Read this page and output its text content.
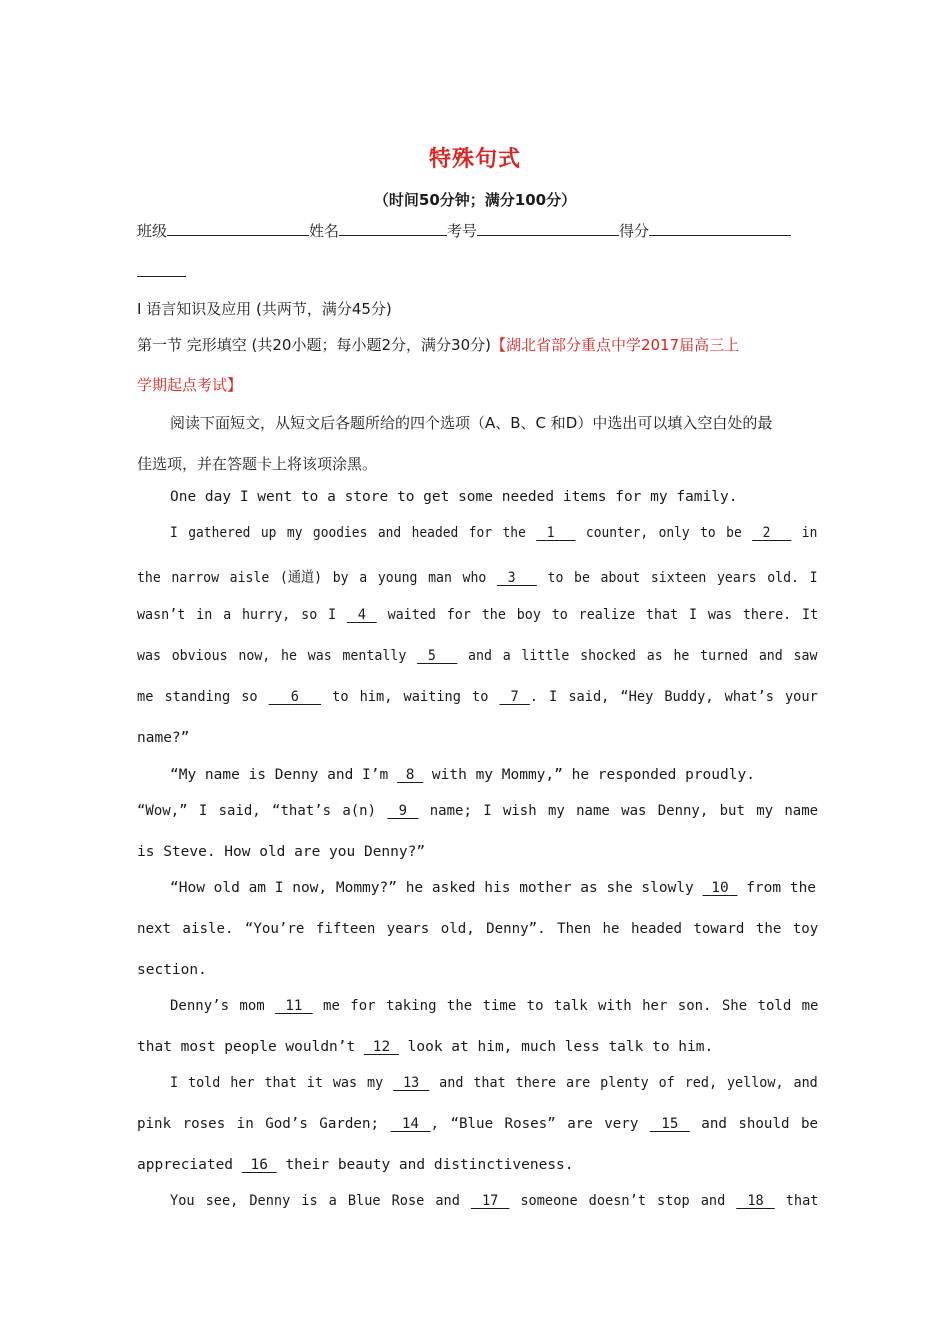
特殊句式
（时间50分钟；满分100分）
班级	姓名	考号	得分
I 语言知识及应用 (共两节，满分45分)
第一节 完形填空 (共20小题；每小题2分，满分30分)【湖北省部分重点中学2017届高三上
学期起点考试】
阅读下面短文，从短文后各题所给的四个选项（A、B、C 和D）中选出可以填入空白处的最
佳选项，并在答题卡上将该项涂黑。
One day I went to a store to get some needed items for my family.
I gathered up my goodies and headed for the 1 counter, only to be 2 in
the narrow aisle (通道) by a young man who 3 to be about sixteen years old. I
wasn’t in a hurry, so I 4 waited for the boy to realize that I was there. It
was obvious now, he was mentally 5 and a little shocked as he turned and saw
me standing so 6 to him, waiting to 7 . I said, “Hey Buddy, what’s your
name?”
“My name is Denny and I’m 8 with my Mommy,” he responded proudly.
“Wow,” I said, “that’s a(n) 9 name; I wish my name was Denny, but my name
is Steve. How old are you Denny?”
“How old am I now, Mommy?” he asked his mother as she slowly 10 from the
next aisle. “You’re fifteen years old, Denny”. Then he headed toward the toy
section.
Denny’s mom 11 me for taking the time to talk with her son. She told me
that most people wouldn’t 12 look at him, much less talk to him.
I told her that it was my 13 and that there are plenty of red, yellow, and
pink roses in God’s Garden; 14 , “Blue Roses” are very 15 and should be
appreciated 16 their beauty and distinctiveness.
You see, Denny is a Blue Rose and 17 someone doesn’t stop and 18 that
